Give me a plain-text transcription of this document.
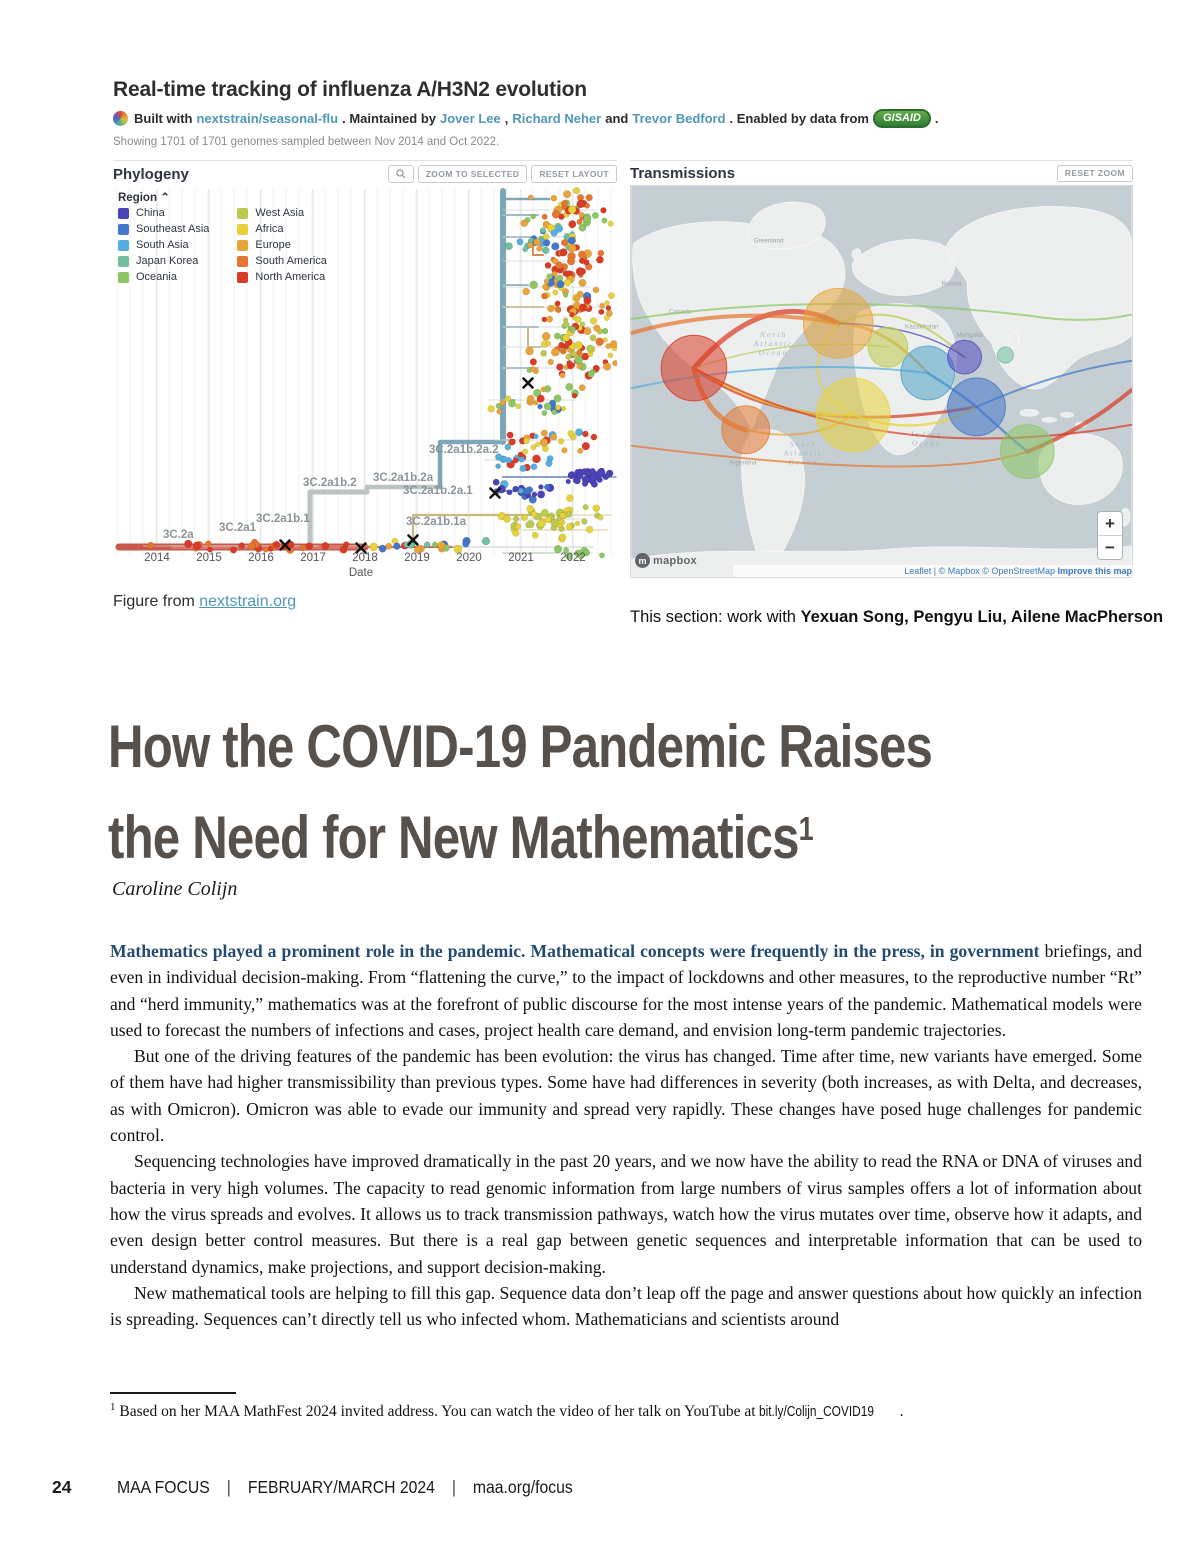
Real-time tracking of influenza A/H3N2 evolution
Built with nextstrain/seasonal-flu . Maintained by Jover Lee , Richard Neher and Trevor Bedford . Enabled by data from	GISAID	.
Showing 1701 of 1701 genomes sampled between Nov 2014 and Oct 2022.
Phylogeny	ZOOM TO SELECTED	RESET LAYOUT
3C.2a
3C.2a1
3C.2a1b.1
3C.2a1b.2 3C.2a1b.2a
3C.2a1b.2a.1
3C.2a1b.2a.2
3C.2a1b.1a
2014 2015 2016 2017 2018 2019 2020 2021 2022
Date
Region ⌃
China
Southeast Asia
South Asia
Japan Korea
Oceania
West Asia
Africa
Europe
South America
North America
Transmissions	RESET ZOOM
North Atlantic Ocean
South Atlantic Ocean
Indian Ocean
Greenland
Canada
Russia
Kazakhstan
Mongolia
Argentina
+
−
m mapbox
Leaflet | © Mapbox © OpenStreetMap Improve this map
Figure from nextstrain.org
This section: work with Yexuan Song, Pengyu Liu, Ailene MacPherson
How the COVID-19 Pandemic Raises
the Need for New Mathematics$^1$
Caroline Colijn

Mathematics played a prominent role in the pandemic. Mathematical concepts were frequently in the press, in government briefings, and even in individual decision-making. From “flattening the curve,” to the impact of lockdowns and other measures, to the reproductive number “Rt” and “herd immunity,” mathematics was at the forefront of public discourse for the most intense years of the pandemic. Mathematical models were used to forecast the numbers of infections and cases, project health care demand, and envision long-term pandemic trajectories.

But one of the driving features of the pandemic has been evolution: the virus has changed. Time after time, new variants have emerged. Some of them have had higher transmissibility than previous types. Some have had differences in severity (both increases, as with Delta, and decreases, as with Omicron). Omicron was able to evade our immunity and spread very rapidly. These changes have posed huge challenges for pandemic control.

Sequencing technologies have improved dramatically in the past 20 years, and we now have the ability to read the RNA or DNA of viruses and bacteria in very high volumes. The capacity to read genomic information from large numbers of virus samples offers a lot of information about how the virus spreads and evolves. It allows us to track transmission pathways, watch how the virus mutates over time, observe how it adapts, and even design better control measures. But there is a real gap between genetic sequences and interpretable information that can be used to understand dynamics, make projections, and support decision-making.

New mathematical tools are helping to fill this gap. Sequence data don’t leap off the page and answer questions about how quickly an infection is spreading. Sequences can’t directly tell us who infected whom. Mathematicians and scientists around

$^1$ Based on her MAA MathFest 2024 invited address. You can watch the video of her talk on YouTube at bit.ly/Colijn_COVID19 .
24	MAA FOCUS | FEBRUARY/MARCH 2024 | maa.org/focus
